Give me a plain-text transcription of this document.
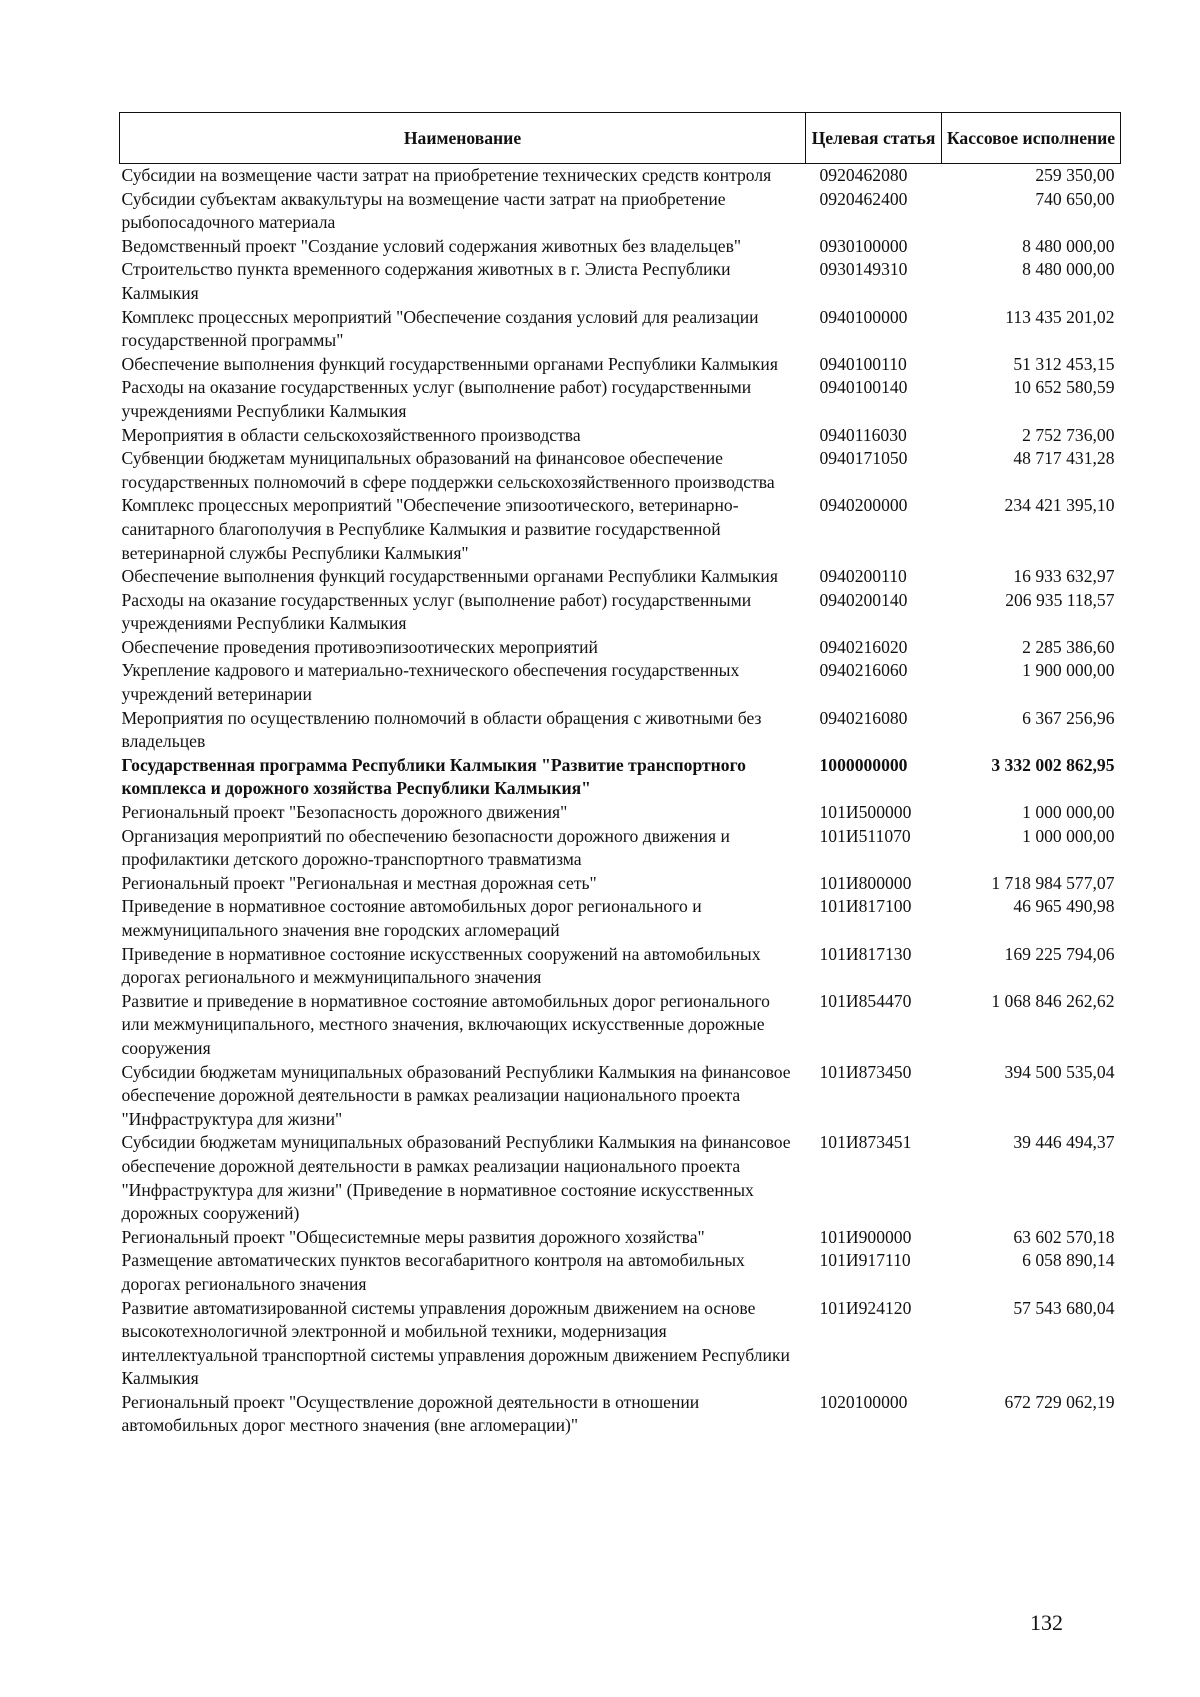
Наименование	Целевая статья	Кассовое исполнение
Субсидии на возмещение части затрат на приобретение технических средств контроля	0920462080	259 350,00
Субсидии субъектам аквакультуры на возмещение части затрат на приобретение рыбопосадочного материала	0920462400	740 650,00
Ведомственный проект "Создание условий содержания животных без владельцев"	0930100000	8 480 000,00
Строительство пункта временного содержания животных в г. Элиста Республики Калмыкия	0930149310	8 480 000,00
Комплекс процессных мероприятий "Обеспечение создания условий для реализации государственной программы"	0940100000	113 435 201,02
Обеспечение выполнения функций государственными органами Республики Калмыкия	0940100110	51 312 453,15
Расходы на оказание государственных услуг (выполнение работ) государственными учреждениями Республики Калмыкия	0940100140	10 652 580,59
Мероприятия в области сельскохозяйственного производства	0940116030	2 752 736,00
Субвенции бюджетам муниципальных образований на финансовое обеспечение государственных полномочий в сфере поддержки сельскохозяйственного производства	0940171050	48 717 431,28
Комплекс процессных мероприятий "Обеспечение эпизоотического, ветеринарно-санитарного благополучия в Республике Калмыкия и развитие государственной ветеринарной службы Республики Калмыкия"	0940200000	234 421 395,10
Обеспечение выполнения функций государственными органами Республики Калмыкия	0940200110	16 933 632,97
Расходы на оказание государственных услуг (выполнение работ) государственными учреждениями Республики Калмыкия	0940200140	206 935 118,57
Обеспечение проведения противоэпизоотических мероприятий	0940216020	2 285 386,60
Укрепление кадрового и материально-технического обеспечения государственных учреждений ветеринарии	0940216060	1 900 000,00
Мероприятия по осуществлению полномочий в области обращения с животными без владельцев	0940216080	6 367 256,96
Государственная программа Республики Калмыкия "Развитие транспортного комплекса и дорожного хозяйства Республики Калмыкия"	1000000000	3 332 002 862,95
Региональный проект "Безопасность дорожного движения"	101И500000	1 000 000,00
Организация мероприятий по обеспечению безопасности дорожного движения и профилактики детского дорожно-транспортного травматизма	101И511070	1 000 000,00
Региональный проект "Региональная и местная дорожная сеть"	101И800000	1 718 984 577,07
Приведение в нормативное состояние автомобильных дорог регионального и межмуниципального значения вне городских агломераций	101И817100	46 965 490,98
Приведение в нормативное состояние искусственных сооружений на автомобильных дорогах регионального и межмуниципального значения	101И817130	169 225 794,06
Развитие и приведение в нормативное состояние автомобильных дорог регионального или межмуниципального, местного значения, включающих искусственные дорожные сооружения	101И854470	1 068 846 262,62
Субсидии бюджетам муниципальных образований Республики Калмыкия на финансовое обеспечение дорожной деятельности в рамках реализации национального проекта "Инфраструктура для жизни"	101И873450	394 500 535,04
Субсидии бюджетам муниципальных образований Республики Калмыкия на финансовое обеспечение дорожной деятельности в рамках реализации национального проекта "Инфраструктура для жизни" (Приведение в нормативное состояние искусственных дорожных сооружений)	101И873451	39 446 494,37
Региональный проект "Общесистемные меры развития дорожного хозяйства"	101И900000	63 602 570,18
Размещение автоматических пунктов весогабаритного контроля на автомобильных дорогах регионального значения	101И917110	6 058 890,14
Развитие автоматизированной системы управления дорожным движением на основе высокотехнологичной электронной и мобильной техники, модернизация интеллектуальной транспортной системы управления дорожным движением Республики Калмыкия	101И924120	57 543 680,04
Региональный проект "Осуществление дорожной деятельности в отношении автомобильных дорог местного значения (вне агломерации)"	1020100000	672 729 062,19
132
